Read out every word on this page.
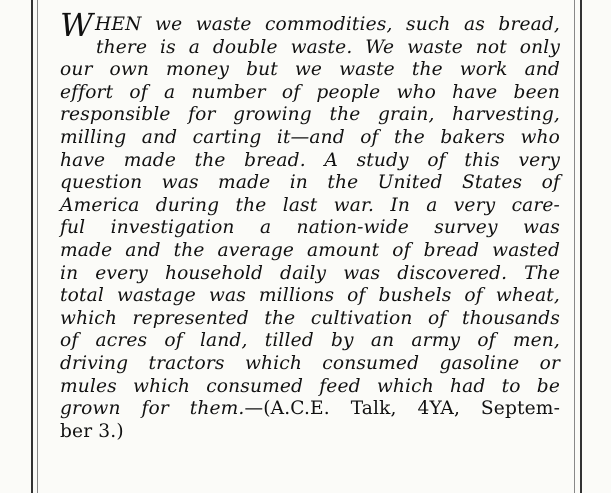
WHEN we waste commodities, such as bread,
there is a double waste. We waste not only
our own money but we waste the work and
effort of a number of people who have been
responsible for growing the grain, harvesting,
milling and carting it—and of the bakers who
have made the bread. A study of this very
question was made in the United States of
America during the last war. In a very care-
ful investigation a nation-wide survey was
made and the average amount of bread wasted
in every household daily was discovered. The
total wastage was millions of bushels of wheat,
which represented the cultivation of thousands
of acres of land, tilled by an army of men,
driving tractors which consumed gasoline or
mules which consumed feed which had to be
grown for them.—(A.C.E. Talk, 4YA, Septem-
ber 3.)
